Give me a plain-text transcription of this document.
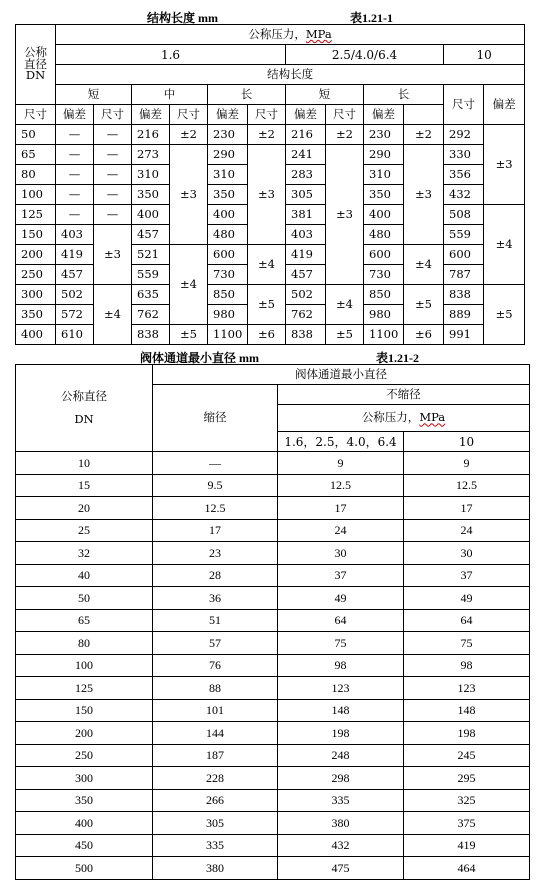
结构长度 mm	表1.21-1
公称
直径
DN	公称压力，MPa											
	1.6						2.5/4.0/6.4				10	
	结构长度											
	短		中		长		短		长		尺寸	偏差
尺寸	偏差	尺寸	偏差	尺寸	偏差	尺寸	偏差	尺寸	偏差			
50	—	—	216	±2	230	±2	216	±2	230	±2	292	±3
65	—	—	273	±3	290	±3	241	±3	290	±3	330	
80	—	—	310		310		283		310		356	
100	—	—	350		350		305		350		432	
125	—	—	400		400		381		400		508	±4
150	403	±3	457		480		403		480		559	
200	419		521	±4	600	±4	419		600	±4	600	
250	457		559		730		457		730		787	
300	502	±4	635		850	±5	502	±4	850	±5	838	±5
350	572		762		980		762		980		889	
400	610		838	±5	1100	±6	838	±5	1100	±6	991	
阀体通道最小直径 mm	表1.21-2
公称直径

DN	阀体通道最小直径		
	缩径	不缩径	
		公称压力，MPa	
		1.6，2.5，4.0，6.4	10
10	—	9	9
15	9.5	12.5	12.5
20	12.5	17	17
25	17	24	24
32	23	30	30
40	28	37	37
50	36	49	49
65	51	64	64
80	57	75	75
100	76	98	98
125	88	123	123
150	101	148	148
200	144	198	198
250	187	248	245
300	228	298	295
350	266	335	325
400	305	380	375
450	335	432	419
500	380	475	464
